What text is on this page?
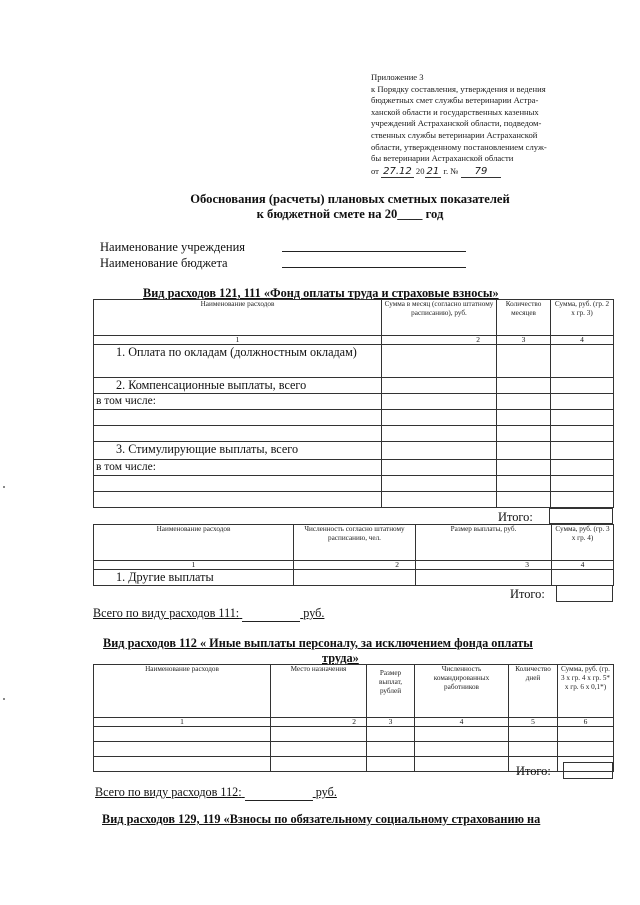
Приложение 3
к Порядку составления, утверждения и ведения
бюджетных смет службы ветеринарии Астра-
ханской области и государственных казенных
учреждений Астраханской области, подведом-
ственных службы ветеринарии Астраханской
области, утвержденному постановлением служ-
бы ветеринарии Астраханской области
от 27.12 20 21 г. № 79
Обоснования (расчеты) плановых сметных показателей
к бюджетной смете на 20____ год
Наименование учреждения
Наименование бюджета
Вид расходов 121, 111 «Фонд оплаты труда и страховые взносы»
Наименование расходов	Сумма в месяц (согласно штатному расписанию), руб.	Количество месяцев	Сумма, руб. (гр. 2 х гр. 3)
1	2	3	4
1. Оплата по окладам (должностным окладам)			
2. Компенсационные выплаты, всего			
в том числе:			

3. Стимулирующие выплаты, всего			
в том числе:			

Итого:
Наименование расходов	Численность согласно штатному расписанию, чел.	Размер выплаты, руб.	Сумма, руб. (гр. 3 х гр. 4)
1	2	3	4
1. Другие выплаты			
Итого:
Всего по виду расходов 111:	руб.
Вид расходов 112 « Иные выплаты персоналу, за исключением фонда оплаты
труда»
Наименование расходов	Место назначения	Размер выплат, рублей	Численность командированных работников	Количество дней	Сумма, руб. (гр. 3 х гр. 4 х гр. 5* х гр. 6 х 0,1*)
1	2	3	4	5	6

Итого:
Всего по виду расходов 112:	руб.
Вид расходов 129, 119 «Взносы по обязательному социальному страхованию на
